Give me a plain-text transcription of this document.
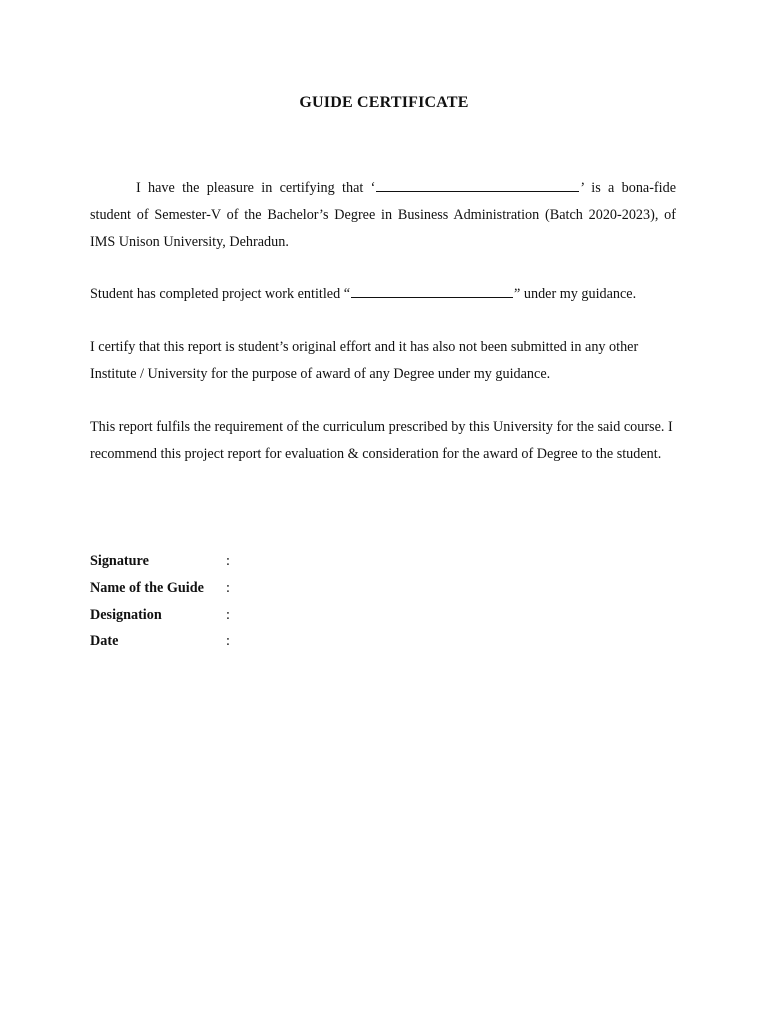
GUIDE CERTIFICATE
I have the pleasure in certifying that ‘	’ is a bona-fide student of Semester-V of the Bachelor’s Degree in Business Administration (Batch 2020-2023), of IMS Unison University, Dehradun.
Student has completed project work entitled “	” under my guidance.
I certify that this report is student’s original effort and it has also not been submitted in any other Institute / University for the purpose of award of any Degree under my guidance.
This report fulfils the requirement of the curriculum prescribed by this University for the said course. I recommend this project report for evaluation & consideration for the award of Degree to the student.
Signature	:
Name of the Guide :
Designation	:
Date	:
